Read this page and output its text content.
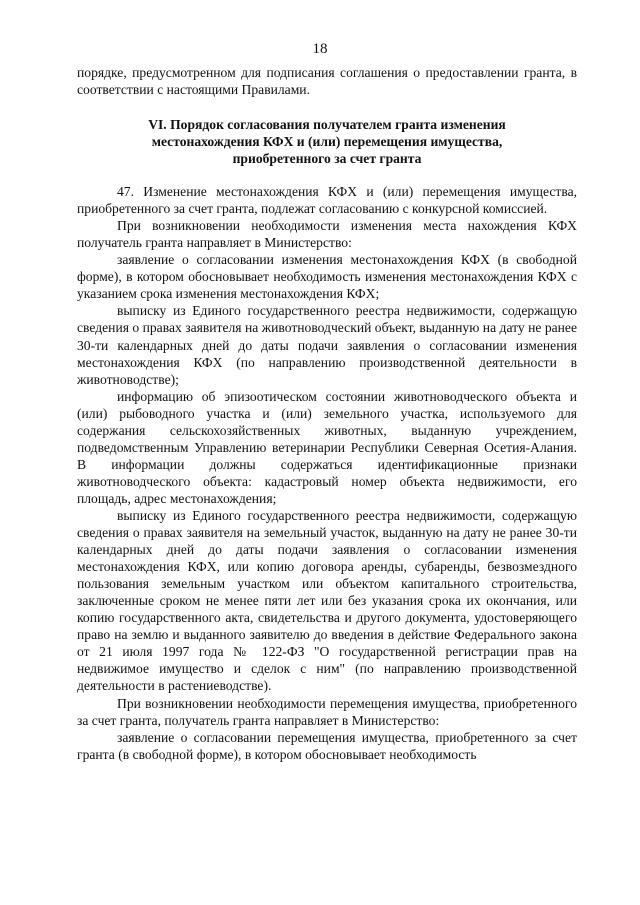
18

порядке, предусмотренном для подписания соглашения о предоставлении гранта, в соответствии с настоящими Правилами.

VI. Порядок согласования получателем гранта изменения
местонахождения КФХ и (или) перемещения имущества,
приобретенного за счет гранта

47. Изменение местонахождения КФХ и (или) перемещения имущества, приобретенного за счет гранта, подлежат согласованию с конкурсной комиссией.

При возникновении необходимости изменения места нахождения КФХ получатель гранта направляет в Министерство:

заявление о согласовании изменения местонахождения КФХ (в свободной форме), в котором обосновывает необходимость изменения местонахождения КФХ с указанием срока изменения местонахождения КФХ;

выписку из Единого государственного реестра недвижимости, содержащую сведения о правах заявителя на животноводческий объект, выданную на дату не ранее 30-ти календарных дней до даты подачи заявления о согласовании изменения местонахождения КФХ (по направлению производственной деятельности в животноводстве);

информацию об эпизоотическом состоянии животноводческого объекта и (или) рыбоводного участка и (или) земельного участка, используемого для содержания сельскохозяйственных животных, выданную учреждением, подведомственным Управлению ветеринарии Республики Северная Осетия-Алания. В информации должны содержаться идентификационные признаки животноводческого объекта: кадастровый номер объекта недвижимости, его площадь, адрес местонахождения;

выписку из Единого государственного реестра недвижимости, содержащую сведения о правах заявителя на земельный участок, выданную на дату не ранее 30-ти календарных дней до даты подачи заявления о согласовании изменения местонахождения КФХ, или копию договора аренды, субаренды, безвозмездного пользования земельным участком или объектом капитального строительства, заключенные сроком не менее пяти лет или без указания срока их окончания, или копию государственного акта, свидетельства и другого документа, удостоверяющего право на землю и выданного заявителю до введения в действие Федерального закона от 21 июля 1997 года № 122-ФЗ "О государственной регистрации прав на недвижимое имущество и сделок с ним" (по направлению производственной деятельности в растениеводстве).

При возникновении необходимости перемещения имущества, приобретенного за счет гранта, получатель гранта направляет в Министерство:

заявление о согласовании перемещения имущества, приобретенного за счет гранта (в свободной форме), в котором обосновывает необходимость
